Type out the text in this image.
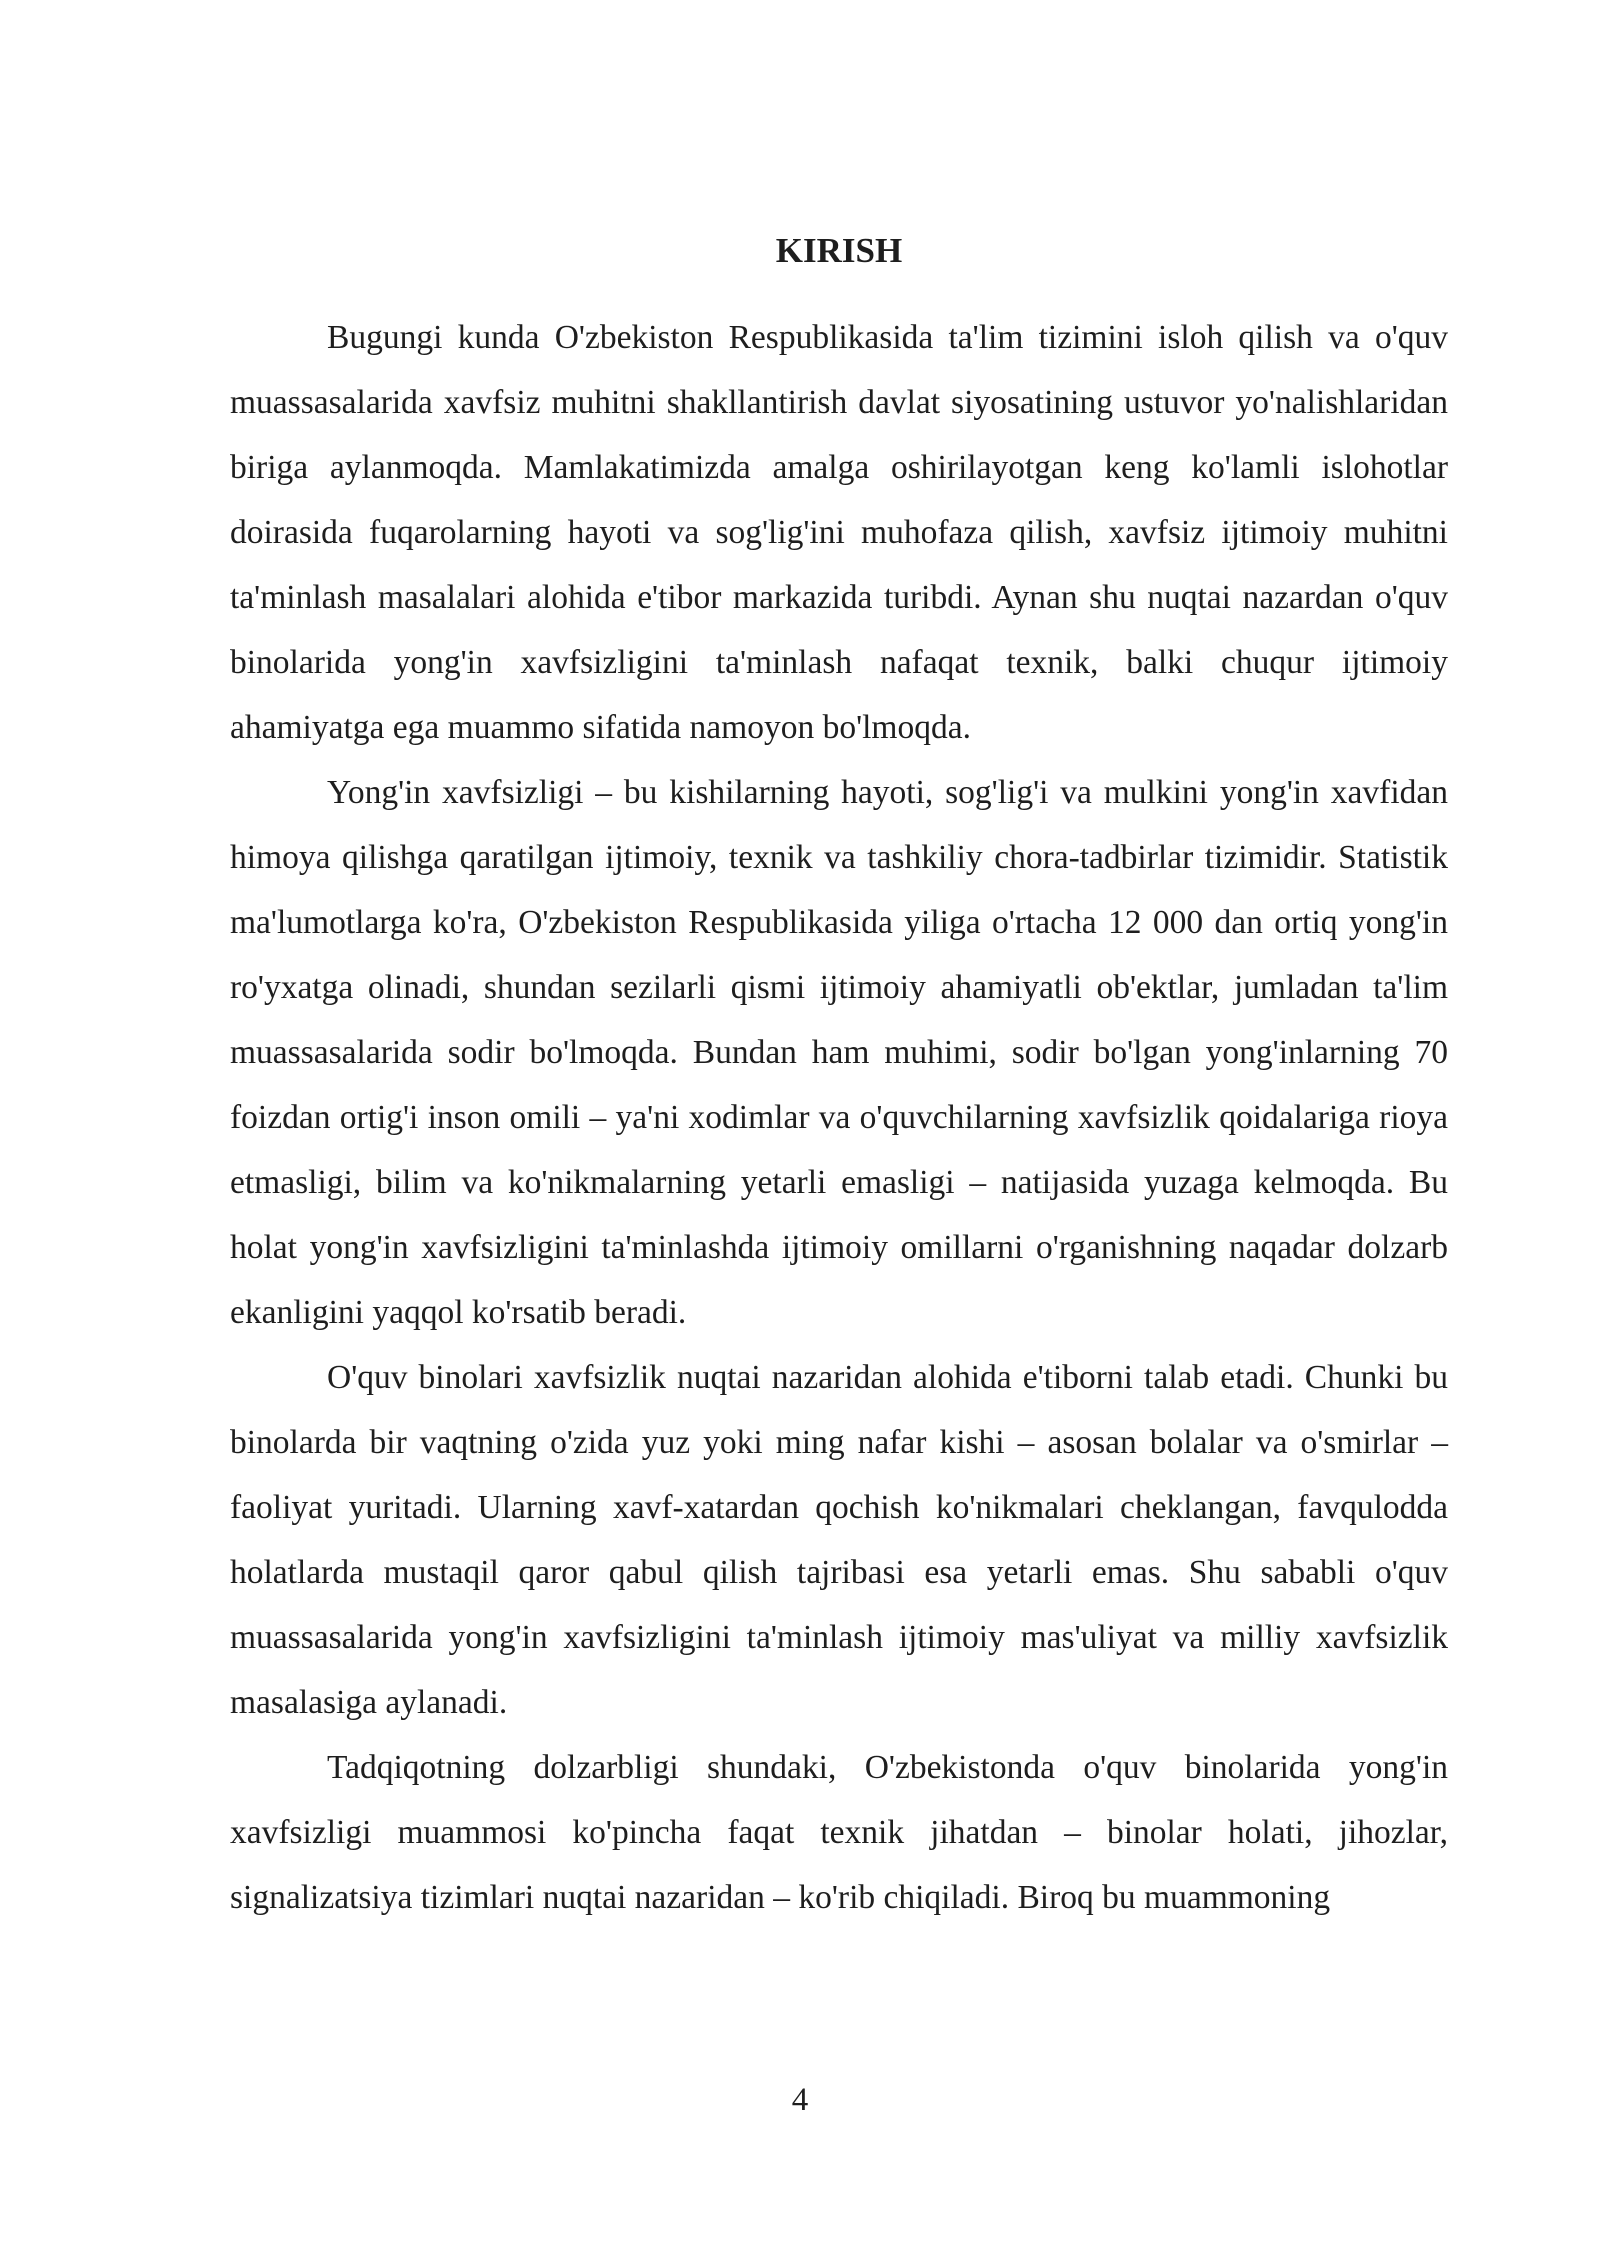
KIRISH

Bugungi kunda O'zbekiston Respublikasida ta'lim tizimini isloh qilish va o'quv muassasalarida xavfsiz muhitni shakllantirish davlat siyosatining ustuvor yo'nalishlaridan biriga aylanmoqda. Mamlakatimizda amalga oshirilayotgan keng ko'lamli islohotlar doirasida fuqarolarning hayoti va sog'lig'ini muhofaza qilish, xavfsiz ijtimoiy muhitni ta'minlash masalalari alohida e'tibor markazida turibdi. Aynan shu nuqtai nazardan o'quv binolarida yong'in xavfsizligini ta'minlash nafaqat texnik, balki chuqur ijtimoiy ahamiyatga ega muammo sifatida namoyon bo'lmoqda.

Yong'in xavfsizligi – bu kishilarning hayoti, sog'lig'i va mulkini yong'in xavfidan himoya qilishga qaratilgan ijtimoiy, texnik va tashkiliy chora-tadbirlar tizimidir. Statistik ma'lumotlarga ko'ra, O'zbekiston Respublikasida yiliga o'rtacha 12 000 dan ortiq yong'in ro'yxatga olinadi, shundan sezilarli qismi ijtimoiy ahamiyatli ob'ektlar, jumladan ta'lim muassasalarida sodir bo'lmoqda. Bundan ham muhimi, sodir bo'lgan yong'inlarning 70 foizdan ortig'i inson omili – ya'ni xodimlar va o'quvchilarning xavfsizlik qoidalariga rioya etmasligi, bilim va ko'nikmalarning yetarli emasligi – natijasida yuzaga kelmoqda. Bu holat yong'in xavfsizligini ta'minlashda ijtimoiy omillarni o'rganishning naqadar dolzarb ekanligini yaqqol ko'rsatib beradi.

O'quv binolari xavfsizlik nuqtai nazaridan alohida e'tiborni talab etadi. Chunki bu binolarda bir vaqtning o'zida yuz yoki ming nafar kishi – asosan bolalar va o'smirlar – faoliyat yuritadi. Ularning xavf-xatardan qochish ko'nikmalari cheklangan, favqulodda holatlarda mustaqil qaror qabul qilish tajribasi esa yetarli emas. Shu sababli o'quv muassasalarida yong'in xavfsizligini ta'minlash ijtimoiy mas'uliyat va milliy xavfsizlik masalasiga aylanadi.

Tadqiqotning dolzarbligi shundaki, O'zbekistonda o'quv binolarida yong'in xavfsizligi muammosi ko'pincha faqat texnik jihatdan – binolar holati, jihozlar, signalizatsiya tizimlari nuqtai nazaridan – ko'rib chiqiladi. Biroq bu muammoning

4
